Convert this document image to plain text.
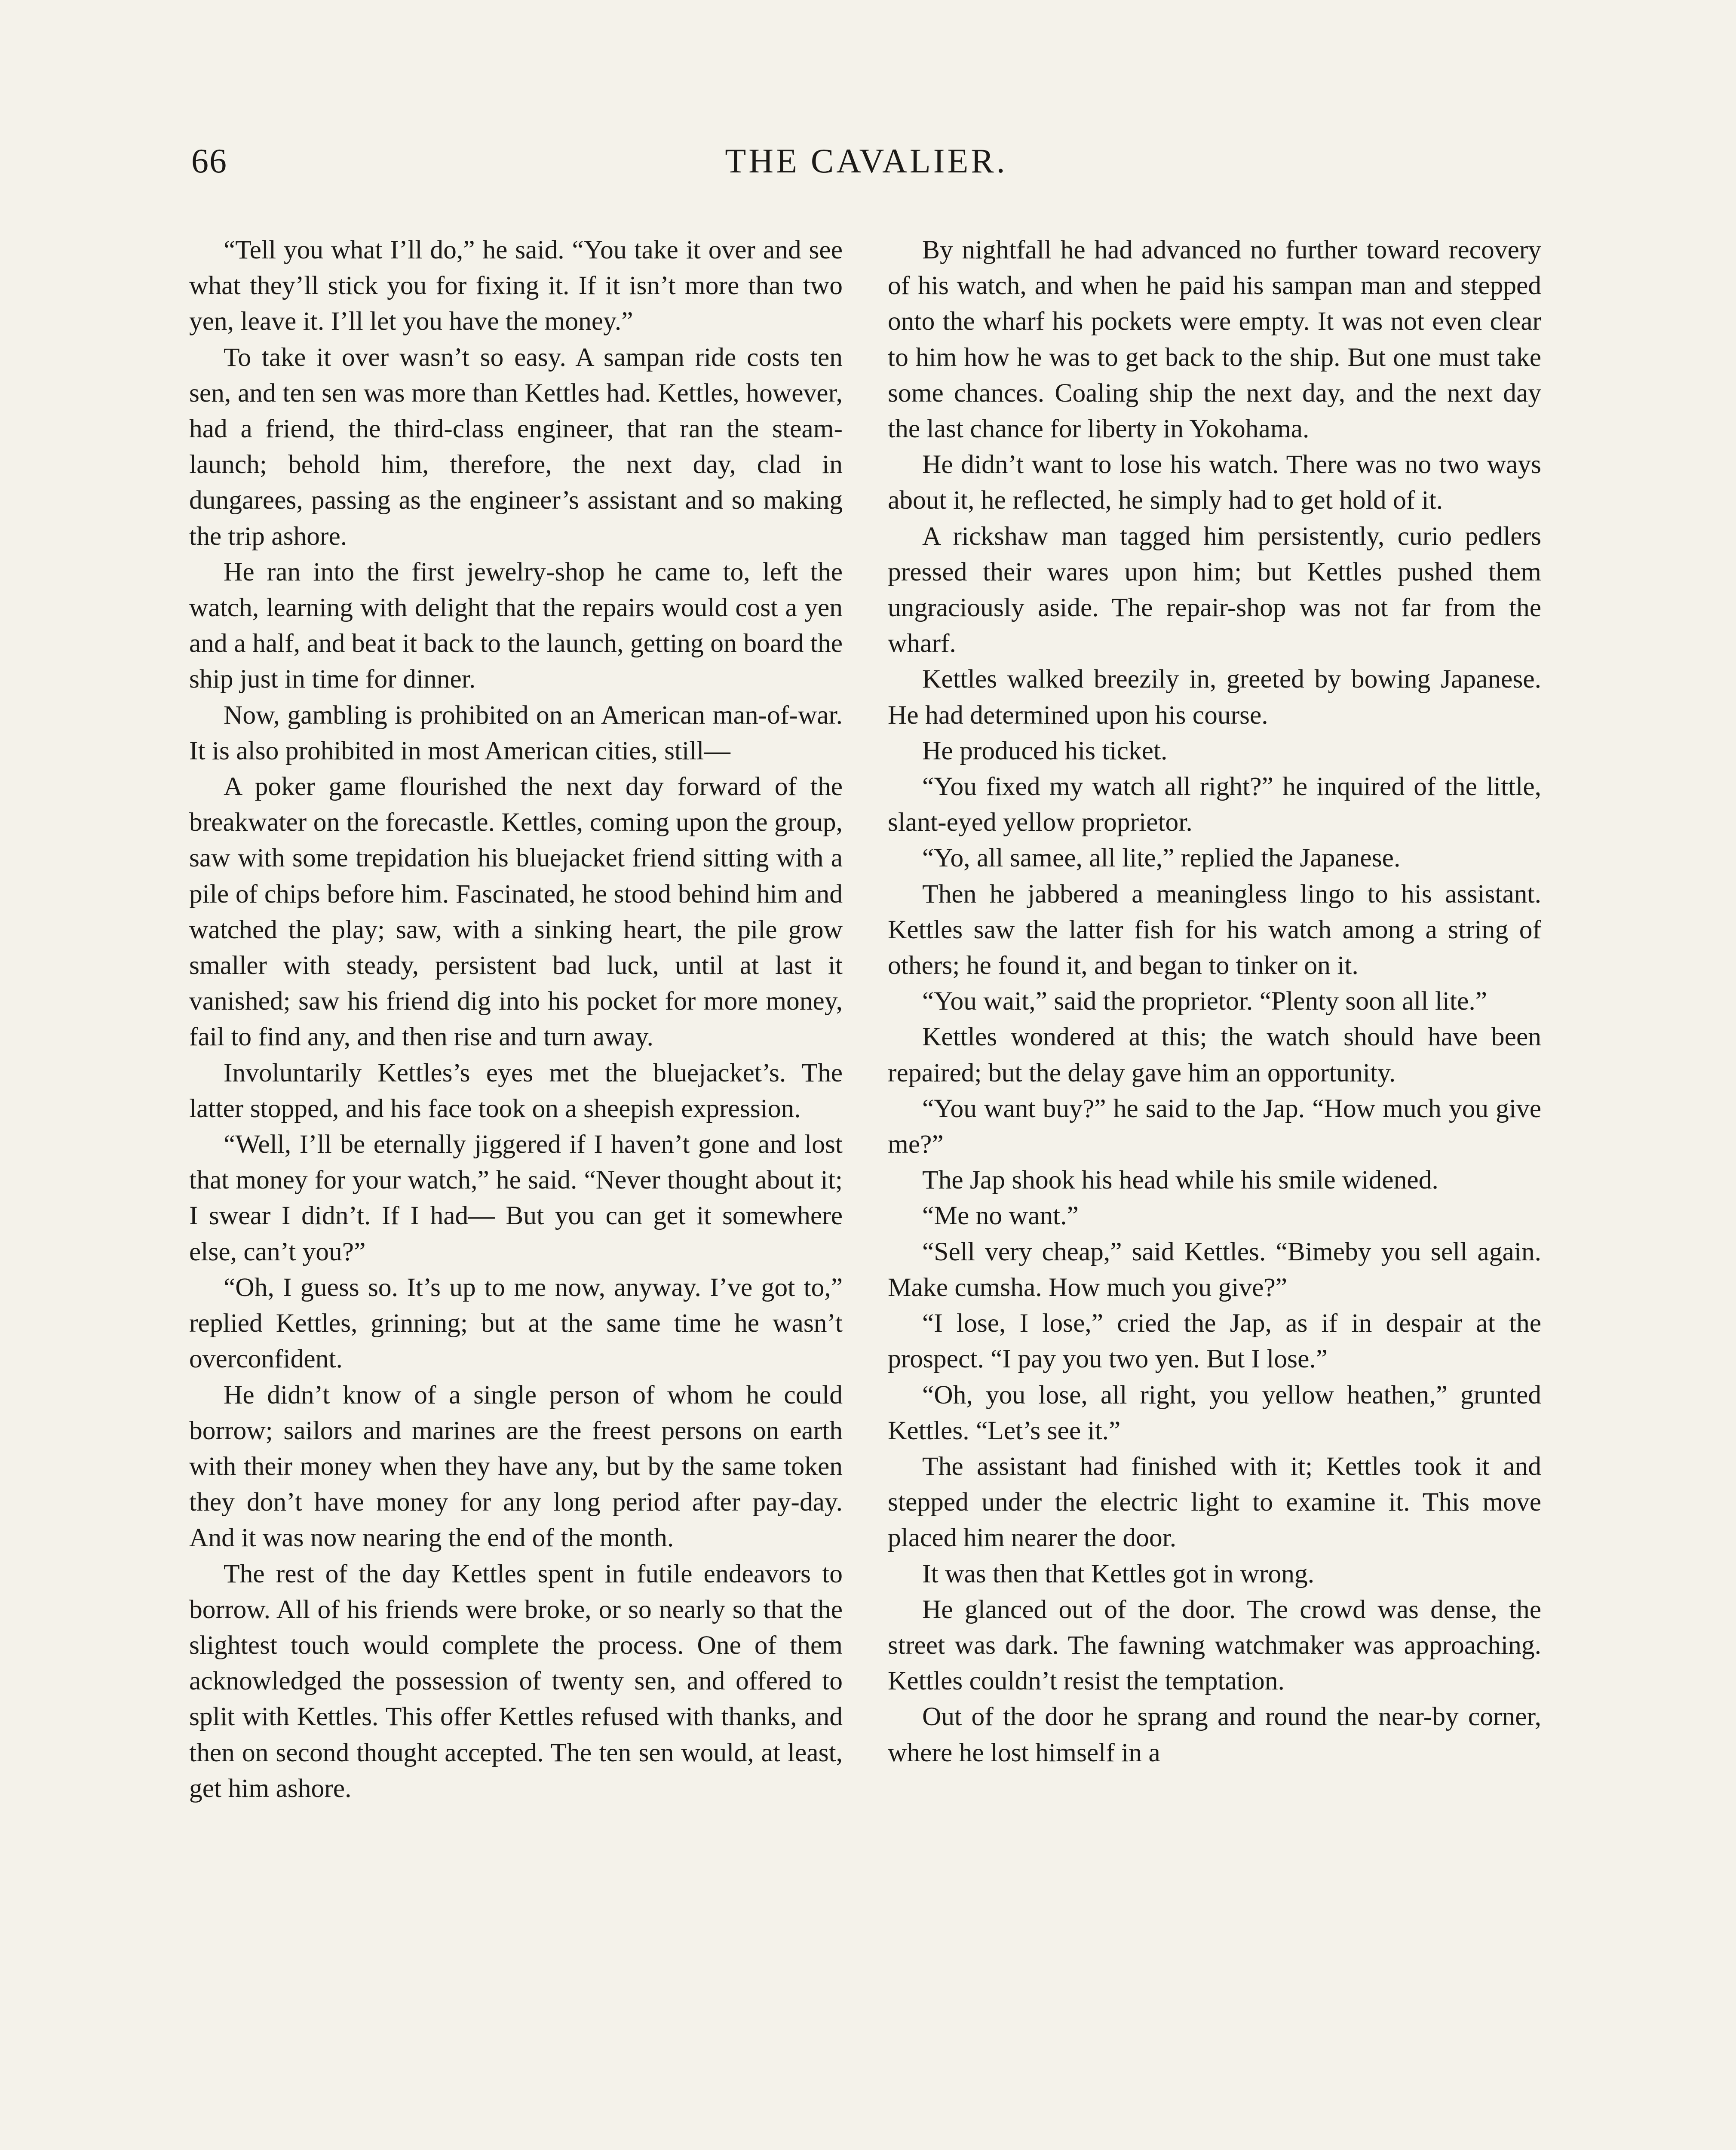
66	THE CAVALIER.

“Tell you what I’ll do,” he said. “You take it over and see what they’ll stick you for fixing it. If it isn’t more than two yen, leave it. I’ll let you have the money.”

To take it over wasn’t so easy. A sampan ride costs ten sen, and ten sen was more than Kettles had. Kettles, however, had a friend, the third-class engineer, that ran the steam-launch; behold him, therefore, the next day, clad in dungarees, passing as the engineer’s assistant and so making the trip ashore.

He ran into the first jewelry-shop he came to, left the watch, learning with delight that the repairs would cost a yen and a half, and beat it back to the launch, getting on board the ship just in time for dinner.

Now, gambling is prohibited on an American man-of-war. It is also prohibited in most American cities, still—

A poker game flourished the next day forward of the breakwater on the forecastle. Kettles, coming upon the group, saw with some trepidation his bluejacket friend sitting with a pile of chips before him. Fascinated, he stood behind him and watched the play; saw, with a sinking heart, the pile grow smaller with steady, persistent bad luck, until at last it vanished; saw his friend dig into his pocket for more money, fail to find any, and then rise and turn away.

Involuntarily Kettles’s eyes met the bluejacket’s. The latter stopped, and his face took on a sheepish expression.

“Well, I’ll be eternally jiggered if I haven’t gone and lost that money for your watch,” he said. “Never thought about it; I swear I didn’t. If I had— But you can get it somewhere else, can’t you?”

“Oh, I guess so. It’s up to me now, anyway. I’ve got to,” replied Kettles, grinning; but at the same time he wasn’t overconfident.

He didn’t know of a single person of whom he could borrow; sailors and marines are the freest persons on earth with their money when they have any, but by the same token they don’t have money for any long period after pay-day. And it was now nearing the end of the month.

The rest of the day Kettles spent in futile endeavors to borrow. All of his friends were broke, or so nearly so that the slightest touch would complete the process. One of them acknowledged the possession of twenty sen, and offered to split with Kettles. This offer Kettles refused with thanks, and then on second thought accepted. The ten sen would, at least, get him ashore.

By nightfall he had advanced no further toward recovery of his watch, and when he paid his sampan man and stepped onto the wharf his pockets were empty. It was not even clear to him how he was to get back to the ship. But one must take some chances. Coaling ship the next day, and the next day the last chance for liberty in Yokohama.

He didn’t want to lose his watch. There was no two ways about it, he reflected, he simply had to get hold of it.

A rickshaw man tagged him persistently, curio pedlers pressed their wares upon him; but Kettles pushed them ungraciously aside. The repair-shop was not far from the wharf.

Kettles walked breezily in, greeted by bowing Japanese. He had determined upon his course.

He produced his ticket.

“You fixed my watch all right?” he inquired of the little, slant-eyed yellow proprietor.

“Yo, all samee, all lite,” replied the Japanese.

Then he jabbered a meaningless lingo to his assistant. Kettles saw the latter fish for his watch among a string of others; he found it, and began to tinker on it.

“You wait,” said the proprietor. “Plenty soon all lite.”

Kettles wondered at this; the watch should have been repaired; but the delay gave him an opportunity.

“You want buy?” he said to the Jap. “How much you give me?”

The Jap shook his head while his smile widened.

“Me no want.”

“Sell very cheap,” said Kettles. “Bimeby you sell again. Make cumsha. How much you give?”

“I lose, I lose,” cried the Jap, as if in despair at the prospect. “I pay you two yen. But I lose.”

“Oh, you lose, all right, you yellow heathen,” grunted Kettles. “Let’s see it.”

The assistant had finished with it; Kettles took it and stepped under the electric light to examine it. This move placed him nearer the door.

It was then that Kettles got in wrong.

He glanced out of the door. The crowd was dense, the street was dark. The fawning watchmaker was approaching. Kettles couldn’t resist the temptation.

Out of the door he sprang and round the near-by corner, where he lost himself in a
